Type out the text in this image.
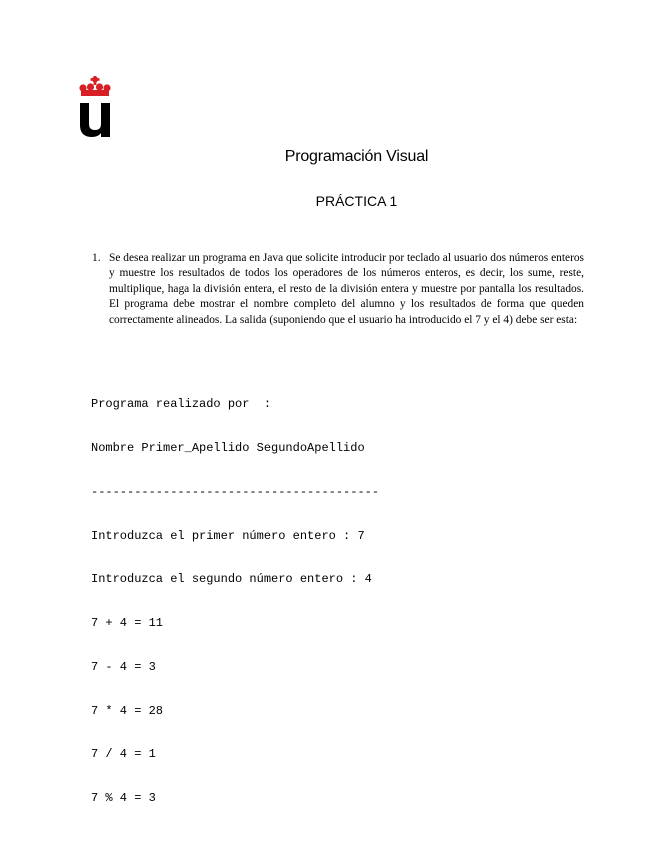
Programación Visual
PRÁCTICA 1
1. Se desea realizar un programa en Java que solicite introducir por teclado al usuario dos números enteros y muestre los resultados de todos los operadores de los números enteros, es decir, los sume, reste, multiplique, haga la división entera, el resto de la división entera y muestre por pantalla los resultados. El programa debe mostrar el nombre completo del alumno y los resultados de forma que queden correctamente alineados. La salida (suponiendo que el usuario ha introducido el 7 y el 4) debe ser esta:

Programa realizado por  :

Nombre Primer_Apellido SegundoApellido

----------------------------------------

Introduzca el primer número entero : 7

Introduzca el segundo número entero : 4

7 + 4 = 11

7 - 4 = 3

7 * 4 = 28

7 / 4 = 1

7 % 4 = 3
